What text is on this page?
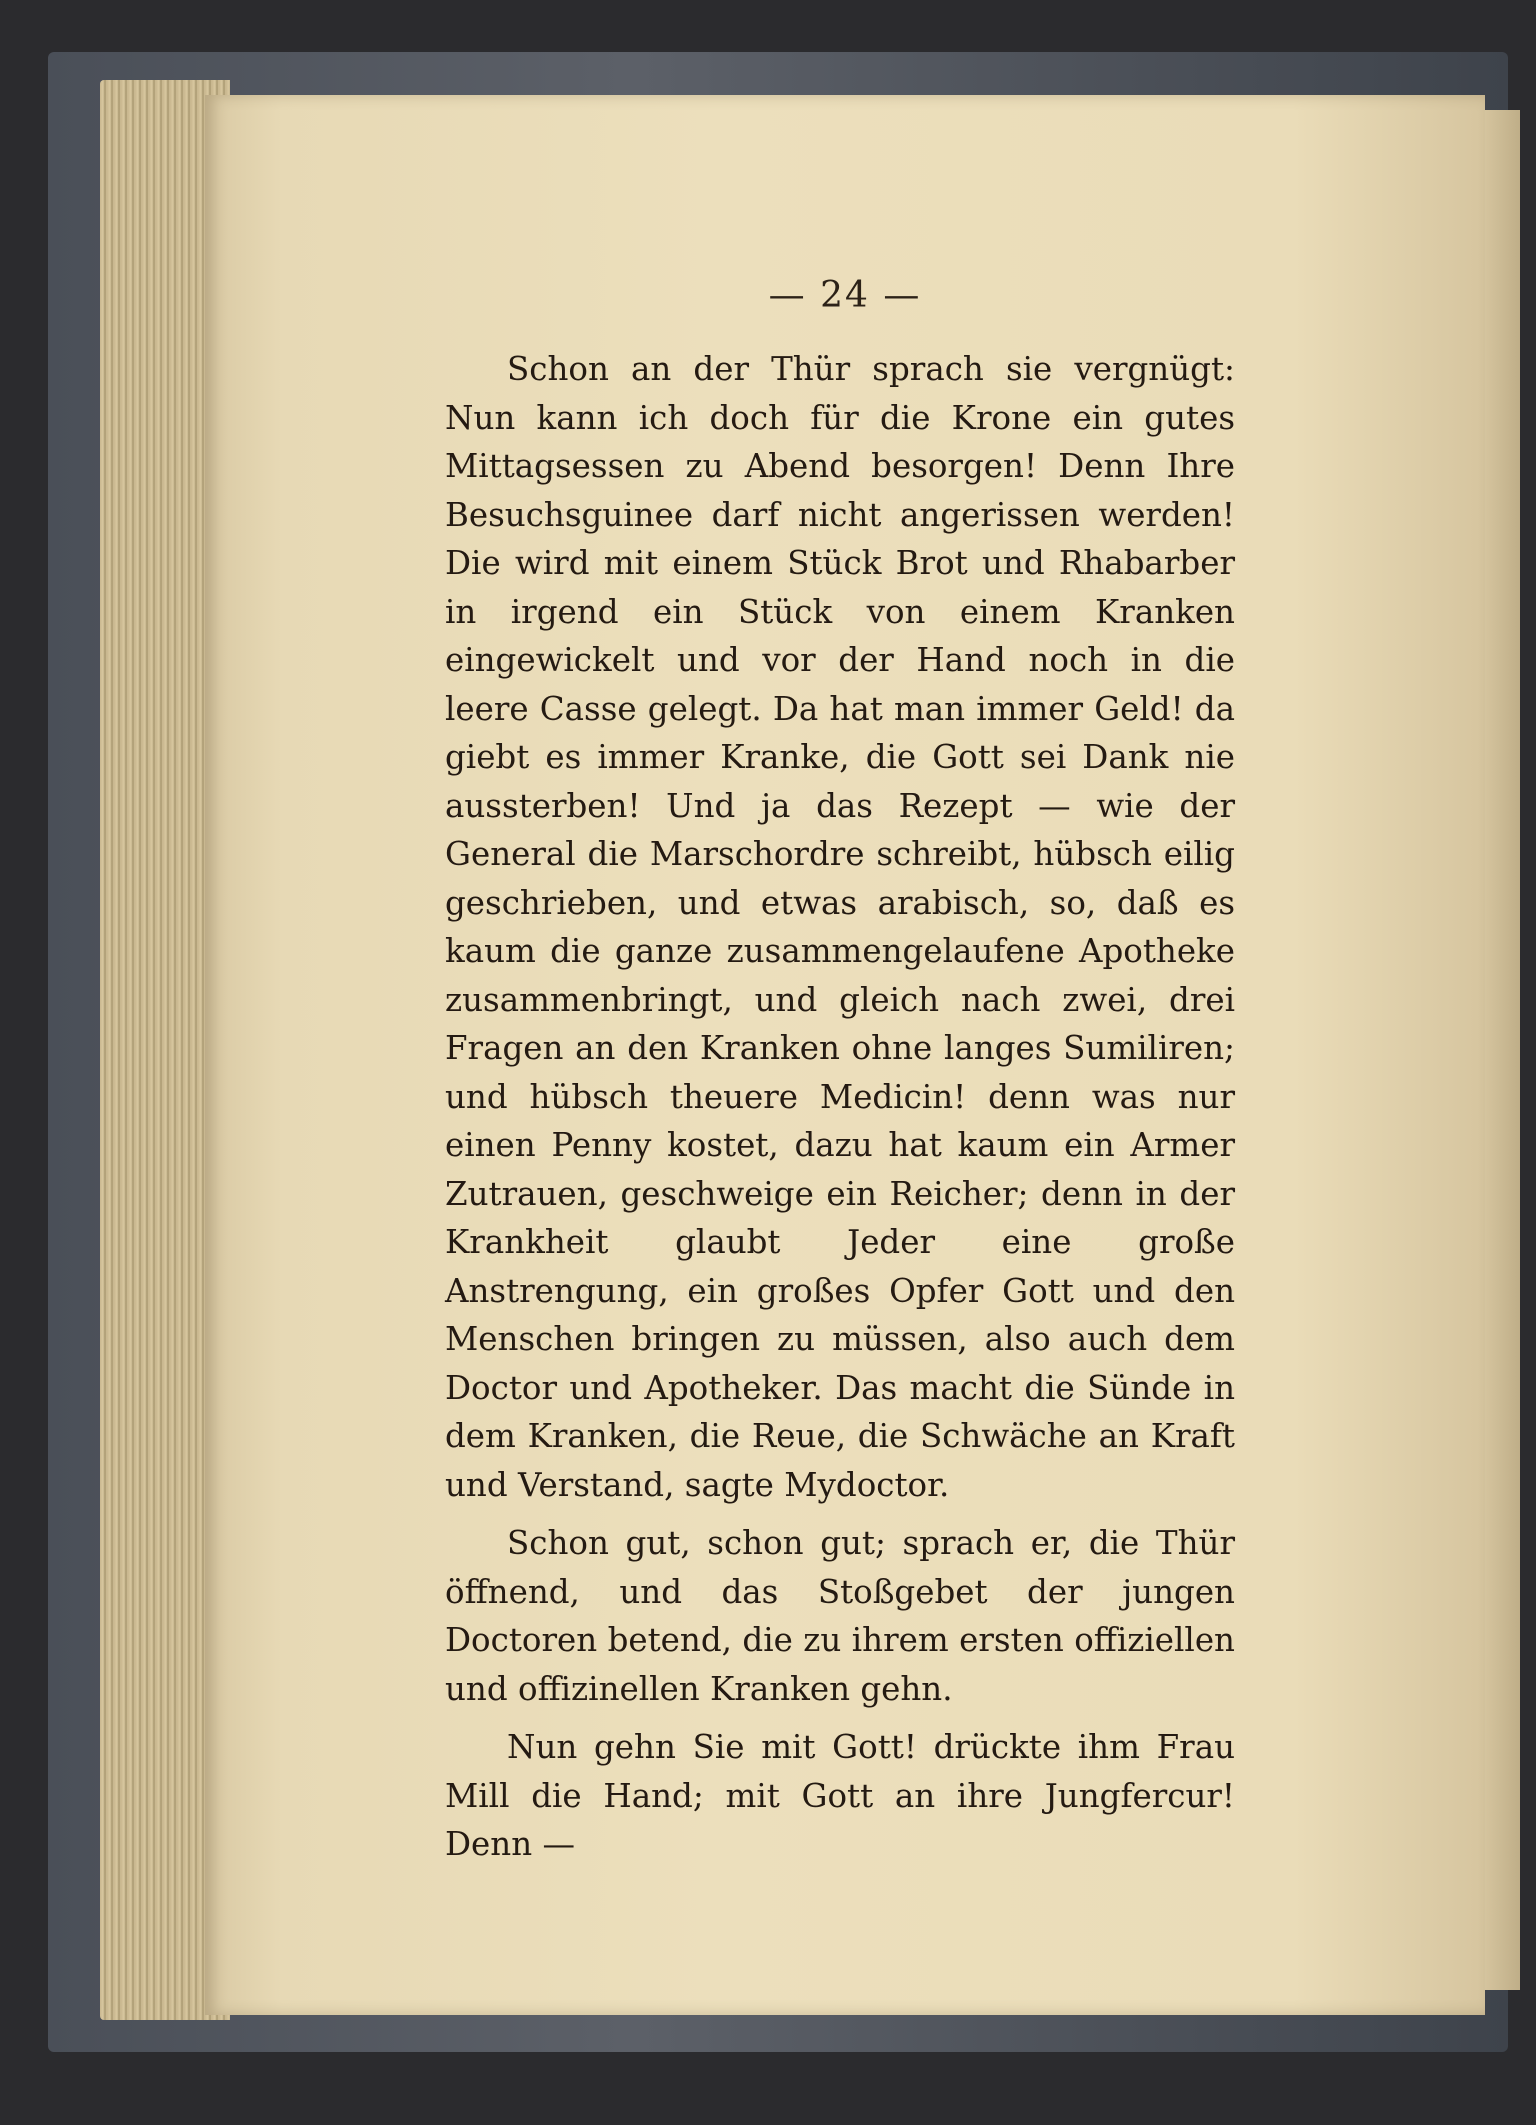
— 24 —

Schon an der Thür sprach sie vergnügt: Nun kann ich doch für die Krone ein gutes Mittagsessen zu Abend besorgen! Denn Ihre Besuchsguinee darf nicht angerissen werden! Die wird mit einem Stück Brot und Rhabarber in irgend ein Stück von einem Kranken eingewickelt und vor der Hand noch in die leere Casse gelegt. Da hat man immer Geld! da giebt es immer Kranke, die Gott sei Dank nie aussterben! Und ja das Rezept — wie der General die Marschordre schreibt, hübsch eilig geschrieben, und etwas arabisch, so, daß es kaum die ganze zusammengelaufene Apotheke zusammenbringt, und gleich nach zwei, drei Fragen an den Kranken ohne langes Sumiliren; und hübsch theuere Medicin! denn was nur einen Penny kostet, dazu hat kaum ein Armer Zutrauen, geschweige ein Reicher; denn in der Krankheit glaubt Jeder eine große Anstrengung, ein großes Opfer Gott und den Menschen bringen zu müssen, also auch dem Doctor und Apotheker. Das macht die Sünde in dem Kranken, die Reue, die Schwäche an Kraft und Verstand, sagte Mydoctor.

Schon gut, schon gut; sprach er, die Thür öffnend, und das Stoßgebet der jungen Doctoren betend, die zu ihrem ersten offiziellen und offizinellen Kranken gehn.

Nun gehn Sie mit Gott! drückte ihm Frau Mill die Hand; mit Gott an ihre Jungfercur! Denn —
